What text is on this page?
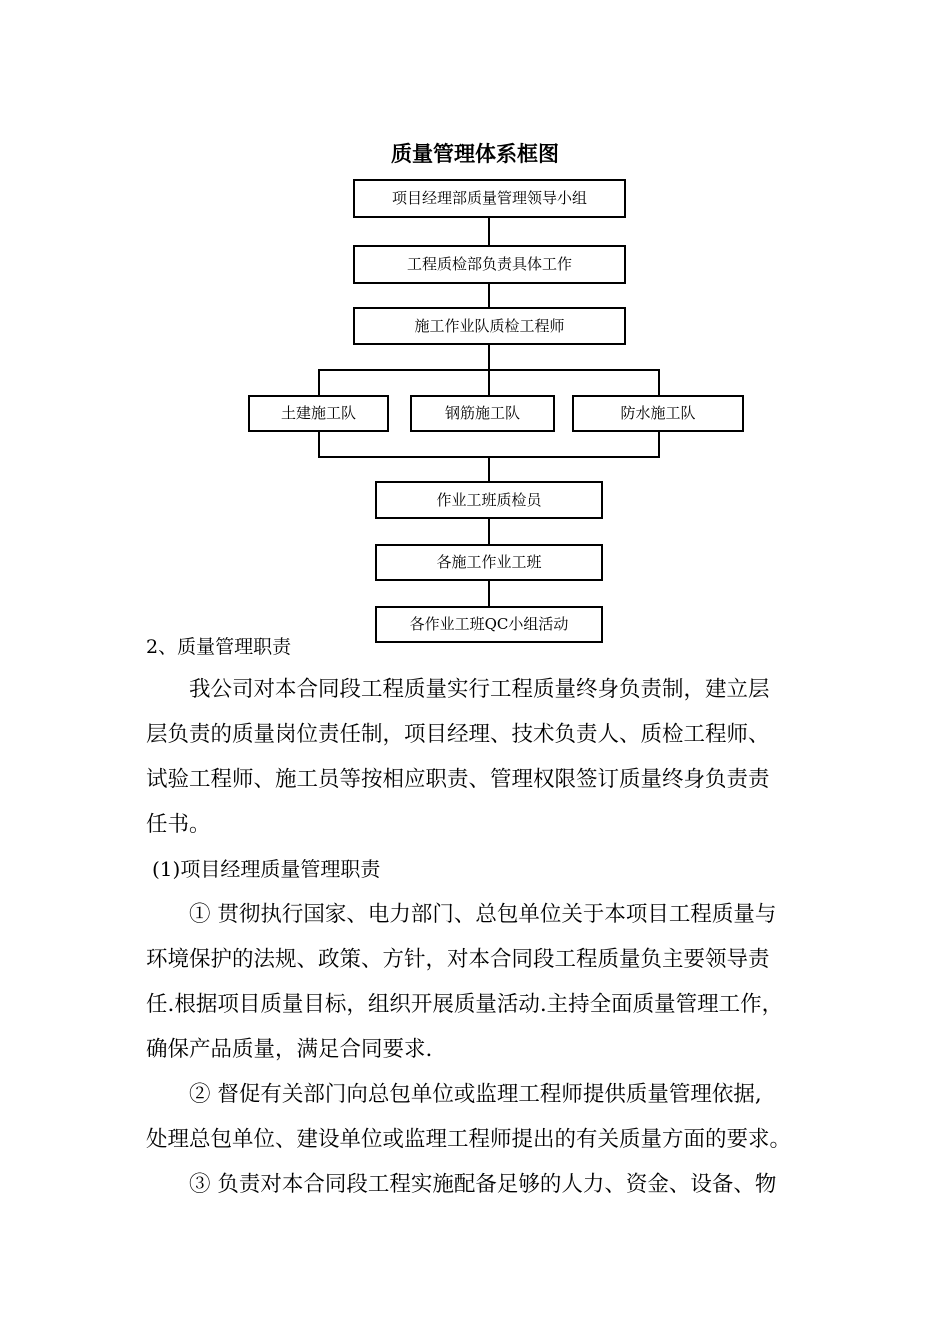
质量管理体系框图
项目经理部质量管理领导小组
工程质检部负责具体工作
施工作业队质检工程师
土建施工队	钢筋施工队	防水施工队
作业工班质检员
各施工作业工班
各作业工班QC小组活动
2、质量管理职责
我公司对本合同段工程质量实行工程质量终身负责制，建立层
层负责的质量岗位责任制，项目经理、技术负责人、质检工程师、
试验工程师、施工员等按相应职责、管理权限签订质量终身负责责
任书。
(1)项目经理质量管理职责
① 贯彻执行国家、电力部门、总包单位关于本项目工程质量与
环境保护的法规、政策、方针，对本合同段工程质量负主要领导责
任.根据项目质量目标，组织开展质量活动.主持全面质量管理工作，
确保产品质量，满足合同要求.
② 督促有关部门向总包单位或监理工程师提供质量管理依据,
处理总包单位、建设单位或监理工程师提出的有关质量方面的要求。
③ 负责对本合同段工程实施配备足够的人力、资金、设备、物
